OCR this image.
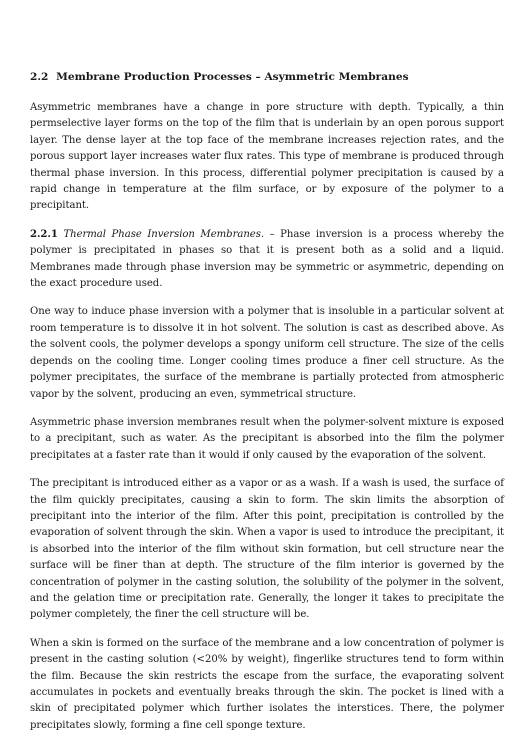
2.2 Membrane Production Processes – Asymmetric Membranes

Asymmetric membranes have a change in pore structure with depth. Typically, a thin permselective layer forms on the top of the film that is underlain by an open porous support layer. The dense layer at the top face of the membrane increases rejection rates, and the porous support layer increases water flux rates. This type of membrane is produced through thermal phase inversion. In this process, differential polymer precipitation is caused by a rapid change in temperature at the film surface, or by exposure of the polymer to a precipitant.

2.2.1 Thermal Phase Inversion Membranes. – Phase inversion is a process whereby the polymer is precipitated in phases so that it is present both as a solid and a liquid. Membranes made through phase inversion may be symmetric or asymmetric, depending on the exact procedure used.

One way to induce phase inversion with a polymer that is insoluble in a particular solvent at room temperature is to dissolve it in hot solvent. The solution is cast as described above. As the solvent cools, the polymer develops a spongy uniform cell structure. The size of the cells depends on the cooling time. Longer cooling times produce a finer cell structure. As the polymer precipitates, the surface of the membrane is partially protected from atmospheric vapor by the solvent, producing an even, symmetrical structure.

Asymmetric phase inversion membranes result when the polymer-solvent mixture is exposed to a precipitant, such as water. As the precipitant is absorbed into the film the polymer precipitates at a faster rate than it would if only caused by the evaporation of the solvent.

The precipitant is introduced either as a vapor or as a wash. If a wash is used, the surface of the film quickly precipitates, causing a skin to form. The skin limits the absorption of precipitant into the interior of the film. After this point, precipitation is controlled by the evaporation of solvent through the skin. When a vapor is used to introduce the precipitant, it is absorbed into the interior of the film without skin formation, but cell structure near the surface will be finer than at depth. The structure of the film interior is governed by the concentration of polymer in the casting solution, the solubility of the polymer in the solvent, and the gelation time or precipitation rate. Generally, the longer it takes to precipitate the polymer completely, the finer the cell structure will be.

When a skin is formed on the surface of the membrane and a low concentration of polymer is present in the casting solution (<20% by weight), fingerlike structures tend to form within the film. Because the skin restricts the escape from the surface, the evaporating solvent accumulates in pockets and eventually breaks through the skin. The pocket is lined with a skin of precipitated polymer which further isolates the interstices. There, the polymer precipitates slowly, forming a fine cell sponge texture.
